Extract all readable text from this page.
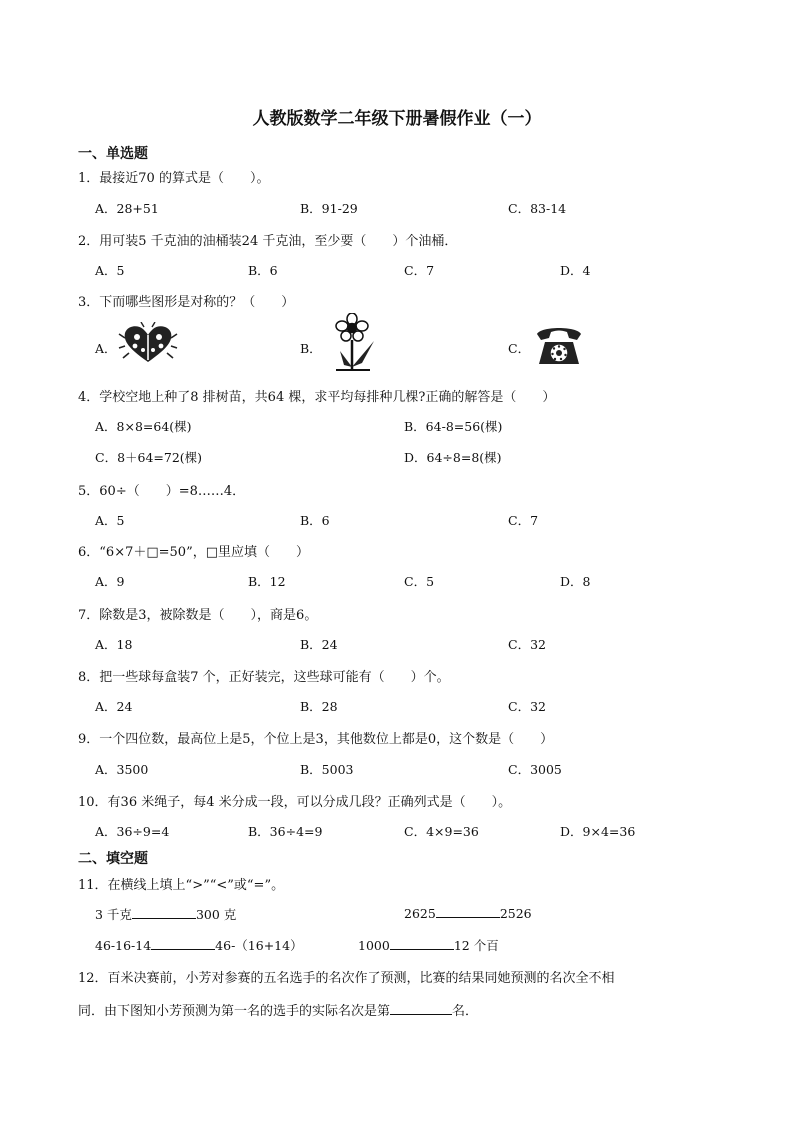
人教版数学二年级下册暑假作业（一）
一、单选题
1．最接近70 的算式是（　　）。
A．28+51	B．91-29	C．83-14
2．用可装5 千克油的油桶装24 千克油，至少要（　　）个油桶．
A．5	B．6	C．7	D．4
3．下而哪些图形是对称的？（　　）
A．	B．	C．
4．学校空地上种了8 排树苗，共64 棵，求平均每排种几棵?正确的解答是（　　）
A．8×8=64(棵)	B．64-8=56(棵)
C．8＋64=72(棵)	D．64÷8=8(棵)
5．60÷（　　）=8……4．
A．5	B．6	C．7
6．“6×7＋□=50”，□里应填（　　）
A．9	B．12	C．5	D．8
7．除数是3，被除数是（　　），商是6。
A．18	B．24	C．32
8．把一些球每盒装7 个，正好装完，这些球可能有（　　）个。
A．24	B．28	C．32
9．一个四位数，最高位上是5，个位上是3，其他数位上都是0，这个数是（　　）
A．3500	B．5003	C．3005
10．有36 米绳子，每4 米分成一段，可以分成几段？正确列式是（　　）。
A．36÷9=4	B．36÷4=9	C．4×9=36	D．9×4=36
二、填空题
11．在横线上填上“>”“<”或“=”。
3 千克	300 克	2625	2526
46-16-14	46-（16+14）	1000	12 个百
12．百米决赛前，小芳对参赛的五名选手的名次作了预测，比赛的结果同她预测的名次全不相
同．由下图知小芳预测为第一名的选手的实际名次是第	名．
